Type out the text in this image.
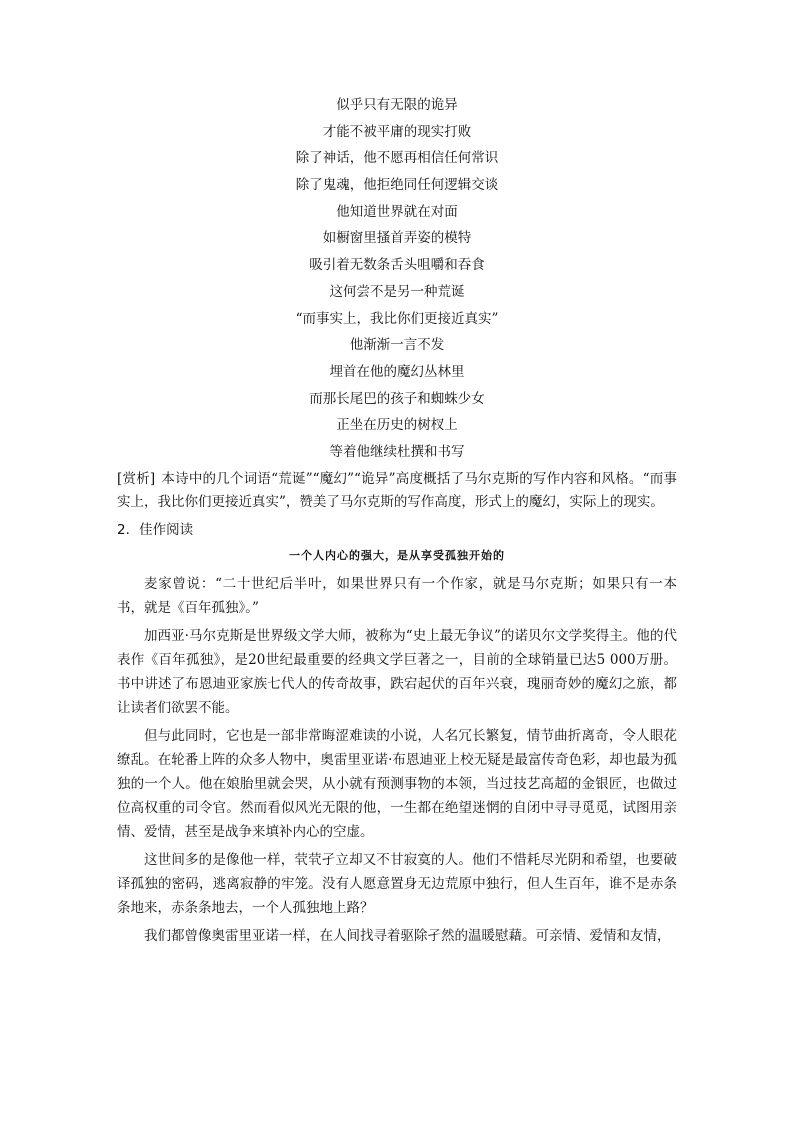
似乎只有无限的诡异
才能不被平庸的现实打败
除了神话，他不愿再相信任何常识
除了鬼魂，他拒绝同任何逻辑交谈
他知道世界就在对面
如橱窗里搔首弄姿的模特
吸引着无数条舌头咀嚼和吞食
这何尝不是另一种荒诞
“而事实上，我比你们更接近真实”
他渐渐一言不发
埋首在他的魔幻丛林里
而那长尾巴的孩子和蜘蛛少女
正坐在历史的树杈上
等着他继续杜撰和书写
[赏析] 本诗中的几个词语“荒诞”“魔幻”“诡异”高度概括了马尔克斯的写作内容和风格。“而事实上，我比你们更接近真实”，赞美了马尔克斯的写作高度，形式上的魔幻，实际上的现实。
2．佳作阅读
一个人内心的强大，是从享受孤独开始的

麦家曾说：“二十世纪后半叶，如果世界只有一个作家，就是马尔克斯；如果只有一本书，就是《百年孤独》。”

加西亚·马尔克斯是世界级文学大师，被称为“史上最无争议”的诺贝尔文学奖得主。他的代表作《百年孤独》，是20世纪最重要的经典文学巨著之一，目前的全球销量已达5 000万册。书中讲述了布恩迪亚家族七代人的传奇故事，跌宕起伏的百年兴衰，瑰丽奇妙的魔幻之旅，都让读者们欲罢不能。

但与此同时，它也是一部非常晦涩难读的小说，人名冗长繁复，情节曲折离奇，令人眼花缭乱。在轮番上阵的众多人物中，奥雷里亚诺·布恩迪亚上校无疑是最富传奇色彩，却也最为孤独的一个人。他在娘胎里就会哭，从小就有预测事物的本领，当过技艺高超的金银匠，也做过位高权重的司令官。然而看似风光无限的他，一生都在绝望迷惘的自闭中寻寻觅觅，试图用亲情、爱情，甚至是战争来填补内心的空虚。

这世间多的是像他一样，茕茕孑立却又不甘寂寞的人。他们不惜耗尽光阴和希望，也要破译孤独的密码，逃离寂静的牢笼。没有人愿意置身无边荒原中独行，但人生百年，谁不是赤条条地来，赤条条地去，一个人孤独地上路？

我们都曾像奥雷里亚诺一样，在人间找寻着驱除孑然的温暖慰藉。可亲情、爱情和友情，
